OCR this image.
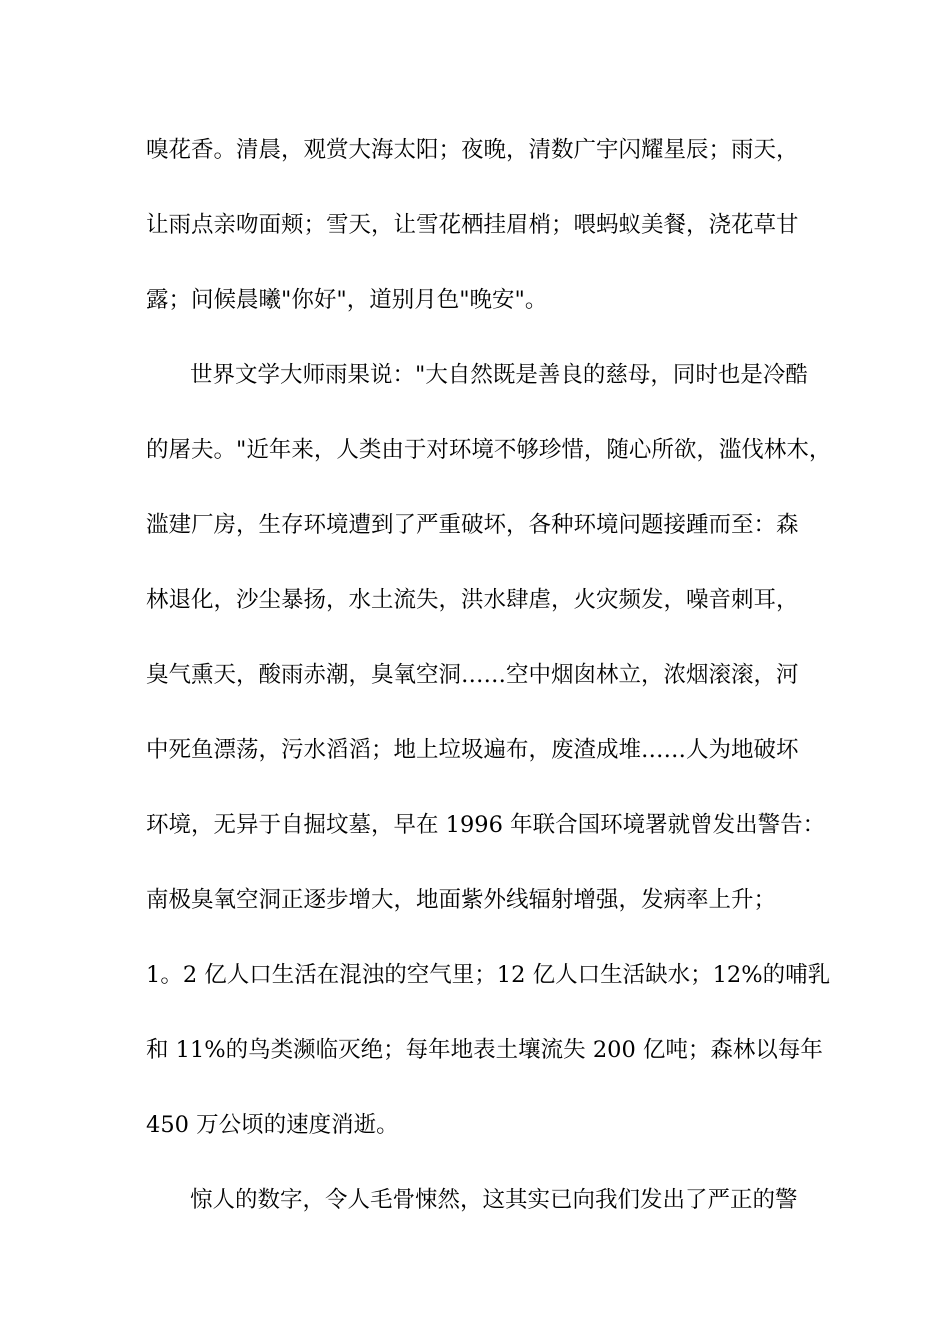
嗅花香。清晨，观赏大海太阳；夜晚，清数广宇闪耀星辰；雨天，
让雨点亲吻面颊；雪天，让雪花栖挂眉梢；喂蚂蚁美餐，浇花草甘
露；问候晨曦"你好"，道别月色"晚安"。
世界文学大师雨果说："大自然既是善良的慈母，同时也是冷酷
的屠夫。"近年来，人类由于对环境不够珍惜，随心所欲，滥伐林木，
滥建厂房，生存环境遭到了严重破坏，各种环境问题接踵而至：森
林退化，沙尘暴扬，水土流失，洪水肆虐，火灾频发，噪音刺耳，
臭气熏天，酸雨赤潮，臭氧空洞……空中烟囱林立，浓烟滚滚，河
中死鱼漂荡，污水滔滔；地上垃圾遍布，废渣成堆……人为地破坏
环境，无异于自掘坟墓，早在 1996 年联合国环境署就曾发出警告：
南极臭氧空洞正逐步增大，地面紫外线辐射增强，发病率上升；
1。2 亿人口生活在混浊的空气里；12 亿人口生活缺水；12%的哺乳
和 11%的鸟类濒临灭绝；每年地表土壤流失 200 亿吨；森林以每年
450 万公顷的速度消逝。
惊人的数字，令人毛骨悚然，这其实已向我们发出了严正的警
